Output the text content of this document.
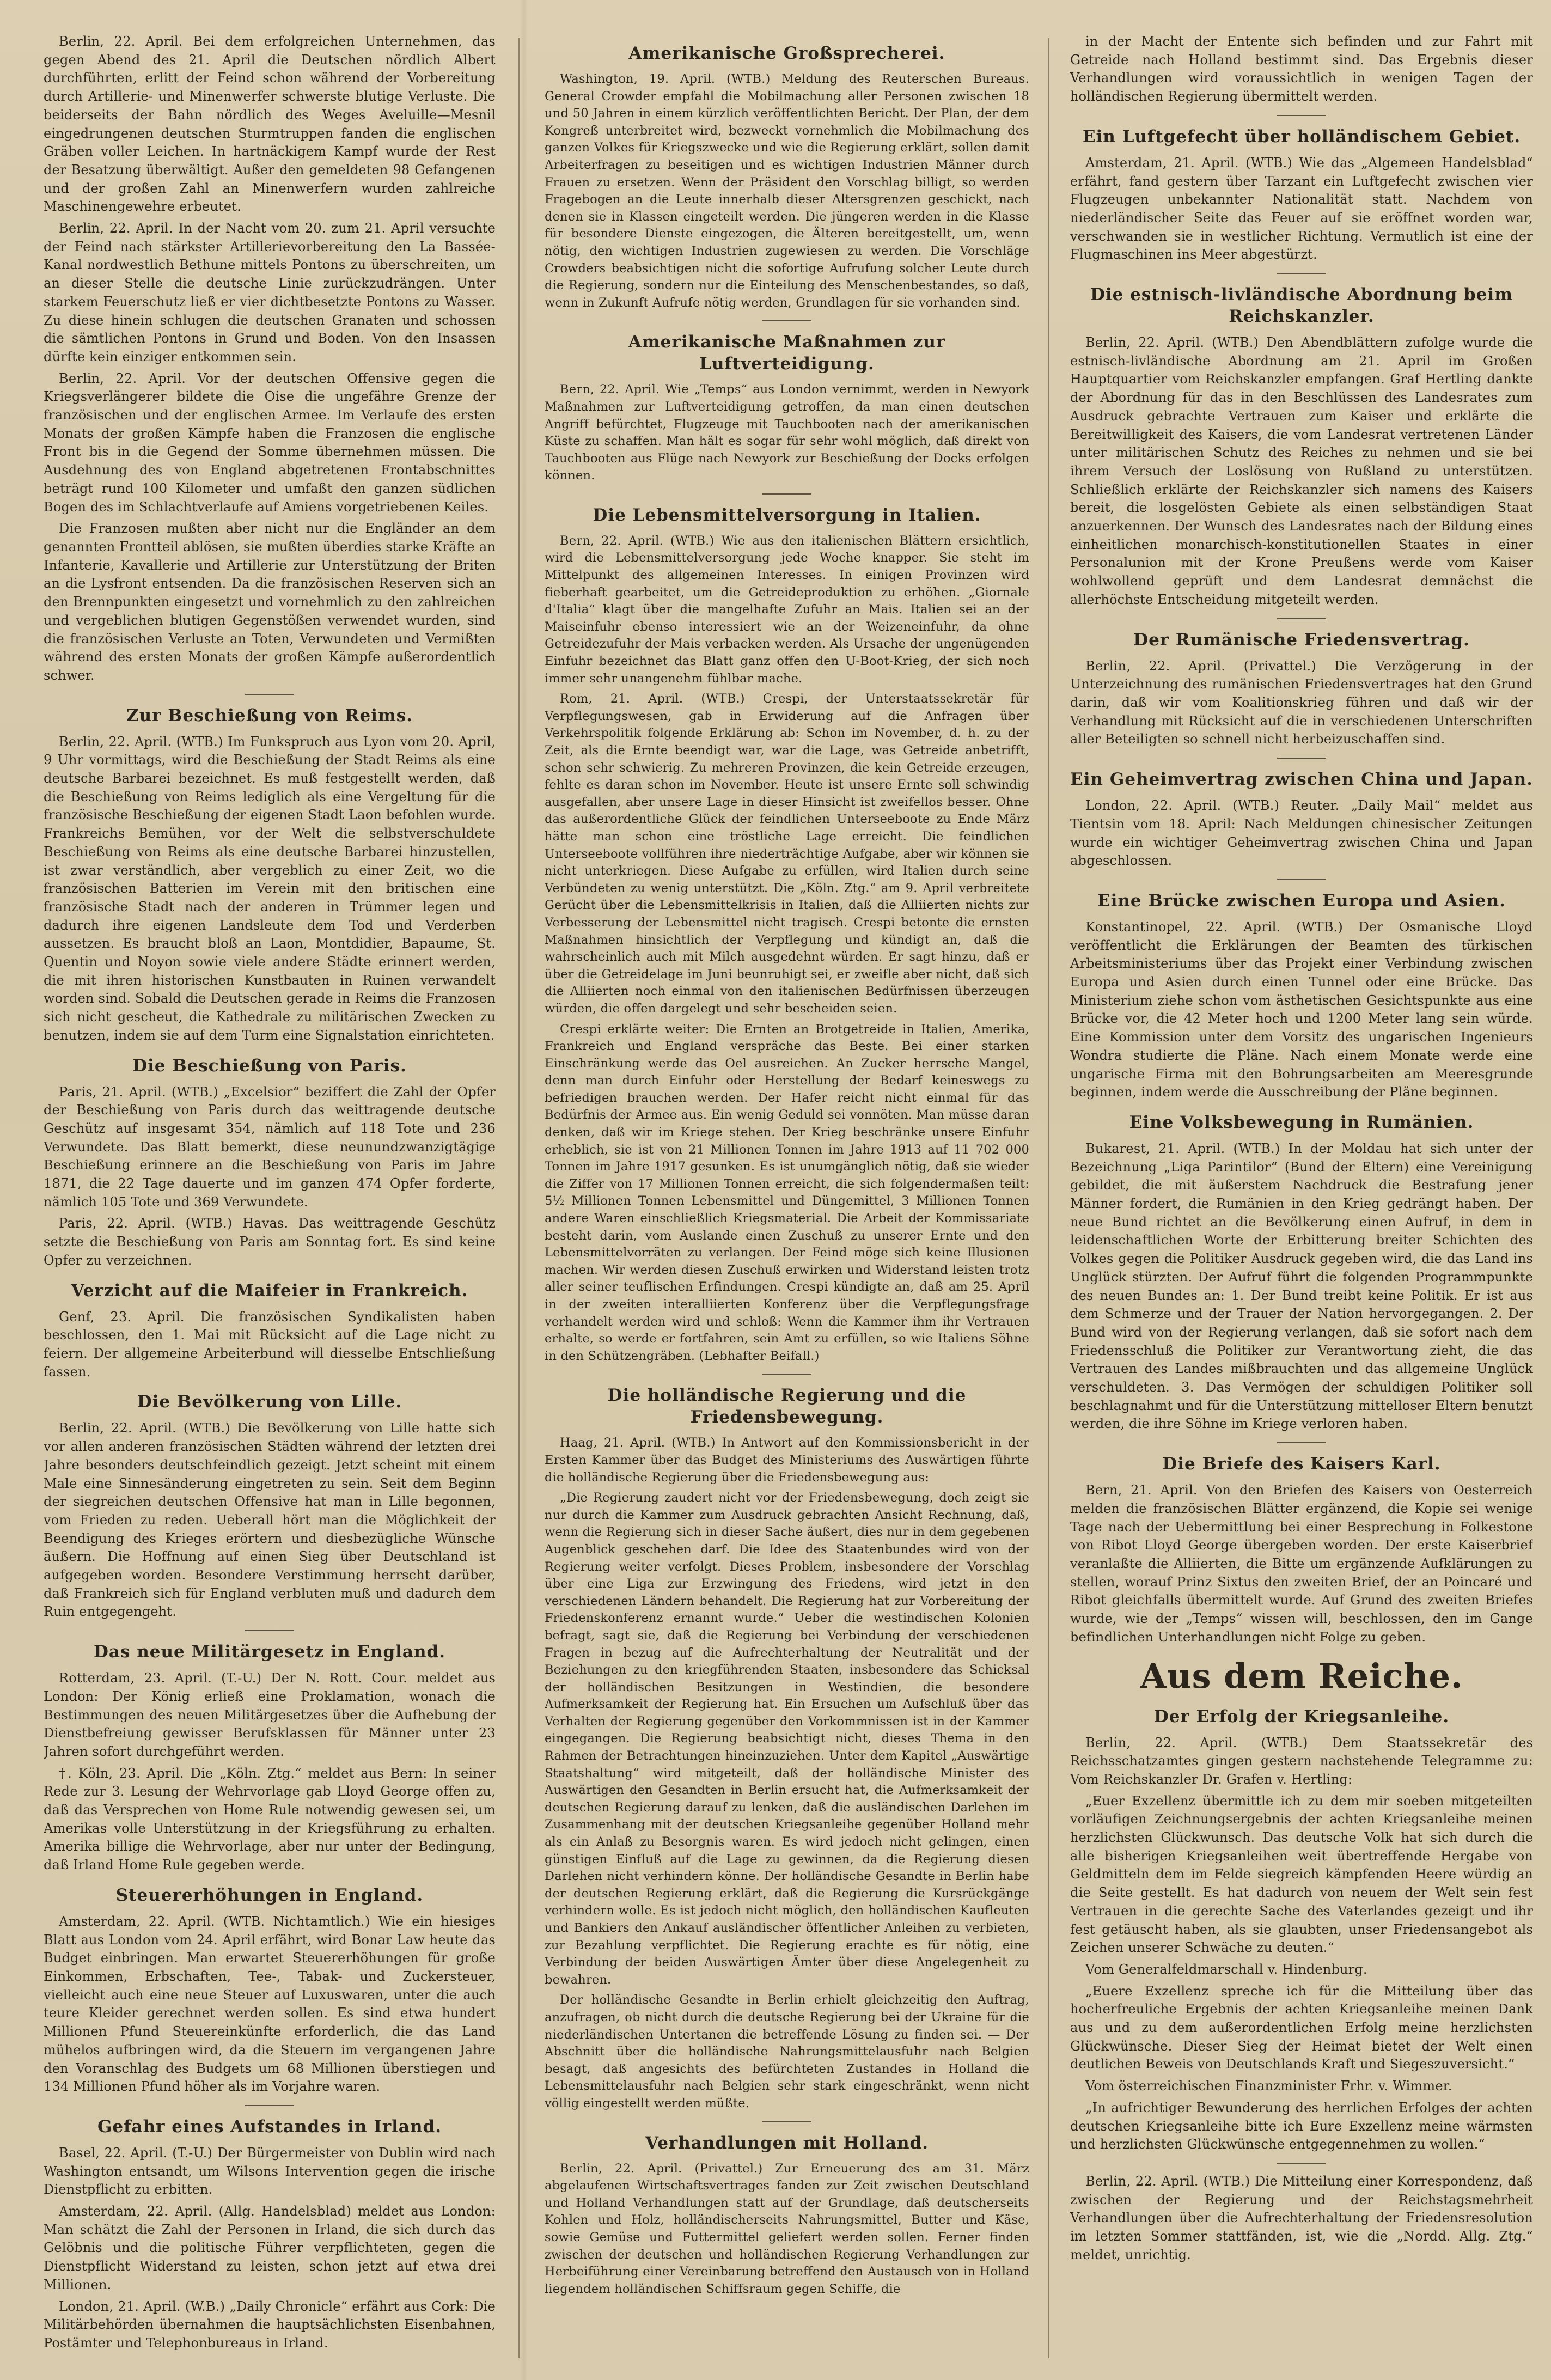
Berlin, 22. April. Bei dem erfolgreichen Unternehmen, das gegen Abend des 21. April die Deutschen nördlich Albert durchführten, erlitt der Feind schon während der Vorbereitung durch Artillerie- und Minenwerfer schwerste blutige Verluste. Die beiderseits der Bahn nördlich des Weges Aveluille—Mesnil eingedrungenen deutschen Sturmtruppen fanden die englischen Gräben voller Leichen. In hartnäckigem Kampf wurde der Rest der Besatzung überwältigt. Außer den gemeldeten 98 Gefangenen und der großen Zahl an Minenwerfern wurden zahlreiche Maschinengewehre erbeutet.

Berlin, 22. April. In der Nacht vom 20. zum 21. April versuchte der Feind nach stärkster Artillerievorbereitung den La Bassée-Kanal nordwestlich Bethune mittels Pontons zu überschreiten, um an dieser Stelle die deutsche Linie zurückzudrängen. Unter starkem Feuerschutz ließ er vier dichtbesetzte Pontons zu Wasser. Zu diese hinein schlugen die deutschen Granaten und schossen die sämtlichen Pontons in Grund und Boden. Von den Insassen dürfte kein einziger entkommen sein.

Berlin, 22. April. Vor der deutschen Offensive gegen die Kriegsverlängerer bildete die Oise die ungefähre Grenze der französischen und der englischen Armee. Im Verlaufe des ersten Monats der großen Kämpfe haben die Franzosen die englische Front bis in die Gegend der Somme übernehmen müssen. Die Ausdehnung des von England abgetretenen Frontabschnittes beträgt rund 100 Kilometer und umfaßt den ganzen südlichen Bogen des im Schlachtverlaufe auf Amiens vorgetriebenen Keiles.

Die Franzosen mußten aber nicht nur die Engländer an dem genannten Frontteil ablösen, sie mußten überdies starke Kräfte an Infanterie, Kavallerie und Artillerie zur Unterstützung der Briten an die Lysfront entsenden. Da die französischen Reserven sich an den Brennpunkten eingesetzt und vornehmlich zu den zahlreichen und vergeblichen blutigen Gegenstößen verwendet wurden, sind die französischen Verluste an Toten, Verwundeten und Vermißten während des ersten Monats der großen Kämpfe außerordentlich schwer.

Zur Beschießung von Reims.

Berlin, 22. April. (WTB.) Im Funkspruch aus Lyon vom 20. April, 9 Uhr vormittags, wird die Beschießung der Stadt Reims als eine deutsche Barbarei bezeichnet. Es muß festgestellt werden, daß die Beschießung von Reims lediglich als eine Vergeltung für die französische Beschießung der eigenen Stadt Laon befohlen wurde. Frankreichs Bemühen, vor der Welt die selbstverschuldete Beschießung von Reims als eine deutsche Barbarei hinzustellen, ist zwar verständlich, aber vergeblich zu einer Zeit, wo die französischen Batterien im Verein mit den britischen eine französische Stadt nach der anderen in Trümmer legen und dadurch ihre eigenen Landsleute dem Tod und Verderben aussetzen. Es braucht bloß an Laon, Montdidier, Bapaume, St. Quentin und Noyon sowie viele andere Städte erinnert werden, die mit ihren historischen Kunstbauten in Ruinen verwandelt worden sind. Sobald die Deutschen gerade in Reims die Franzosen sich nicht gescheut, die Kathedrale zu militärischen Zwecken zu benutzen, indem sie auf dem Turm eine Signalstation einrichteten.

Die Beschießung von Paris.

Paris, 21. April. (WTB.) „Excelsior“ beziffert die Zahl der Opfer der Beschießung von Paris durch das weittragende deutsche Geschütz auf insgesamt 354, nämlich auf 118 Tote und 236 Verwundete. Das Blatt bemerkt, diese neunundzwanzigtägige Beschießung erinnere an die Beschießung von Paris im Jahre 1871, die 22 Tage dauerte und im ganzen 474 Opfer forderte, nämlich 105 Tote und 369 Verwundete.

Paris, 22. April. (WTB.) Havas. Das weittragende Geschütz setzte die Beschießung von Paris am Sonntag fort. Es sind keine Opfer zu verzeichnen.

Verzicht auf die Maifeier in Frankreich.

Genf, 23. April. Die französischen Syndikalisten haben beschlossen, den 1. Mai mit Rücksicht auf die Lage nicht zu feiern. Der allgemeine Arbeiterbund will diesselbe Entschließung fassen.

Die Bevölkerung von Lille.

Berlin, 22. April. (WTB.) Die Bevölkerung von Lille hatte sich vor allen anderen französischen Städten während der letzten drei Jahre besonders deutschfeindlich gezeigt. Jetzt scheint mit einem Male eine Sinnesänderung eingetreten zu sein. Seit dem Beginn der siegreichen deutschen Offensive hat man in Lille begonnen, vom Frieden zu reden. Ueberall hört man die Möglichkeit der Beendigung des Krieges erörtern und diesbezügliche Wünsche äußern. Die Hoffnung auf einen Sieg über Deutschland ist aufgegeben worden. Besondere Verstimmung herrscht darüber, daß Frankreich sich für England verbluten muß und dadurch dem Ruin entgegengeht.

Das neue Militärgesetz in England.

Rotterdam, 23. April. (T.-U.) Der N. Rott. Cour. meldet aus London: Der König erließ eine Proklamation, wonach die Bestimmungen des neuen Militärgesetzes über die Aufhebung der Dienstbefreiung gewisser Berufsklassen für Männer unter 23 Jahren sofort durchgeführt werden.

†. Köln, 23. April. Die „Köln. Ztg.“ meldet aus Bern: In seiner Rede zur 3. Lesung der Wehrvorlage gab Lloyd George offen zu, daß das Versprechen von Home Rule notwendig gewesen sei, um Amerikas volle Unterstützung in der Kriegsführung zu erhalten. Amerika billige die Wehrvorlage, aber nur unter der Bedingung, daß Irland Home Rule gegeben werde.

Steuererhöhungen in England.

Amsterdam, 22. April. (WTB. Nichtamtlich.) Wie ein hiesiges Blatt aus London vom 24. April erfährt, wird Bonar Law heute das Budget einbringen. Man erwartet Steuererhöhungen für große Einkommen, Erbschaften, Tee-, Tabak- und Zuckersteuer, vielleicht auch eine neue Steuer auf Luxuswaren, unter die auch teure Kleider gerechnet werden sollen. Es sind etwa hundert Millionen Pfund Steuereinkünfte erforderlich, die das Land mühelos aufbringen wird, da die Steuern im vergangenen Jahre den Voranschlag des Budgets um 68 Millionen überstiegen und 134 Millionen Pfund höher als im Vorjahre waren.

Gefahr eines Aufstandes in Irland.

Basel, 22. April. (T.-U.) Der Bürgermeister von Dublin wird nach Washington entsandt, um Wilsons Intervention gegen die irische Dienstpflicht zu erbitten.

Amsterdam, 22. April. (Allg. Handelsblad) meldet aus London: Man schätzt die Zahl der Personen in Irland, die sich durch das Gelöbnis und die politische Führer verpflichteten, gegen die Dienstpflicht Widerstand zu leisten, schon jetzt auf etwa drei Millionen.

London, 21. April. (W.B.) „Daily Chronicle“ erfährt aus Cork: Die Militärbehörden übernahmen die hauptsächlichsten Eisenbahnen, Postämter und Telephonbureaus in Irland.

Amerikanische Großsprecherei.

Washington, 19. April. (WTB.) Meldung des Reuterschen Bureaus. General Crowder empfahl die Mobilmachung aller Personen zwischen 18 und 50 Jahren in einem kürzlich veröffentlichten Bericht. Der Plan, der dem Kongreß unterbreitet wird, bezweckt vornehmlich die Mobilmachung des ganzen Volkes für Kriegszwecke und wie die Regierung erklärt, sollen damit Arbeiterfragen zu beseitigen und es wichtigen Industrien Männer durch Frauen zu ersetzen. Wenn der Präsident den Vorschlag billigt, so werden Fragebogen an die Leute innerhalb dieser Altersgrenzen geschickt, nach denen sie in Klassen eingeteilt werden. Die jüngeren werden in die Klasse für besondere Dienste eingezogen, die Älteren bereitgestellt, um, wenn nötig, den wichtigen Industrien zugewiesen zu werden. Die Vorschläge Crowders beabsichtigen nicht die sofortige Aufrufung solcher Leute durch die Regierung, sondern nur die Einteilung des Menschenbestandes, so daß, wenn in Zukunft Aufrufe nötig werden, Grundlagen für sie vorhanden sind.

Amerikanische Maßnahmen zur Luftverteidigung.

Bern, 22. April. Wie „Temps“ aus London vernimmt, werden in Newyork Maßnahmen zur Luftverteidigung getroffen, da man einen deutschen Angriff befürchtet, Flugzeuge mit Tauchbooten nach der amerikanischen Küste zu schaffen. Man hält es sogar für sehr wohl möglich, daß direkt von Tauchbooten aus Flüge nach Newyork zur Beschießung der Docks erfolgen können.

Die Lebensmittelversorgung in Italien.

Bern, 22. April. (WTB.) Wie aus den italienischen Blättern ersichtlich, wird die Lebensmittelversorgung jede Woche knapper. Sie steht im Mittelpunkt des allgemeinen Interesses. In einigen Provinzen wird fieberhaft gearbeitet, um die Getreideproduktion zu erhöhen. „Giornale d'Italia“ klagt über die mangelhafte Zufuhr an Mais. Italien sei an der Maiseinfuhr ebenso interessiert wie an der Weizeneinfuhr, da ohne Getreidezufuhr der Mais verbacken werden. Als Ursache der ungenügenden Einfuhr bezeichnet das Blatt ganz offen den U-Boot-Krieg, der sich noch immer sehr unangenehm fühlbar mache.

Rom, 21. April. (WTB.) Crespi, der Unterstaatssekretär für Verpflegungswesen, gab in Erwiderung auf die Anfragen über Verkehrspolitik folgende Erklärung ab: Schon im November, d. h. zu der Zeit, als die Ernte beendigt war, war die Lage, was Getreide anbetrifft, schon sehr schwierig. Zu mehreren Provinzen, die kein Getreide erzeugen, fehlte es daran schon im November. Heute ist unsere Ernte soll schwindig ausgefallen, aber unsere Lage in dieser Hinsicht ist zweifellos besser. Ohne das außerordentliche Glück der feindlichen Unterseeboote zu Ende März hätte man schon eine tröstliche Lage erreicht. Die feindlichen Unterseeboote vollführen ihre niederträchtige Aufgabe, aber wir können sie nicht unterkriegen. Diese Aufgabe zu erfüllen, wird Italien durch seine Verbündeten zu wenig unterstützt. Die „Köln. Ztg.“ am 9. April verbreitete Gerücht über die Lebensmittelkrisis in Italien, daß die Alliierten nichts zur Verbesserung der Lebensmittel nicht tragisch. Crespi betonte die ernsten Maßnahmen hinsichtlich der Verpflegung und kündigt an, daß die wahrscheinlich auch mit Milch ausgedehnt würden. Er sagt hinzu, daß er über die Getreidelage im Juni beunruhigt sei, er zweifle aber nicht, daß sich die Alliierten noch einmal von den italienischen Bedürfnissen überzeugen würden, die offen dargelegt und sehr bescheiden seien.

Crespi erklärte weiter: Die Ernten an Brotgetreide in Italien, Amerika, Frankreich und England verspräche das Beste. Bei einer starken Einschränkung werde das Oel ausreichen. An Zucker herrsche Mangel, denn man durch Einfuhr oder Herstellung der Bedarf keineswegs zu befriedigen brauchen werden. Der Hafer reicht nicht einmal für das Bedürfnis der Armee aus. Ein wenig Geduld sei vonnöten. Man müsse daran denken, daß wir im Kriege stehen. Der Krieg beschränke unsere Einfuhr erheblich, sie ist von 21 Millionen Tonnen im Jahre 1913 auf 11 702 000 Tonnen im Jahre 1917 gesunken. Es ist unumgänglich nötig, daß sie wieder die Ziffer von 17 Millionen Tonnen erreicht, die sich folgendermaßen teilt: 5½ Millionen Tonnen Lebensmittel und Düngemittel, 3 Millionen Tonnen andere Waren einschließlich Kriegsmaterial. Die Arbeit der Kommissariate besteht darin, vom Auslande einen Zuschuß zu unserer Ernte und den Lebensmittelvorräten zu verlangen. Der Feind möge sich keine Illusionen machen. Wir werden diesen Zuschuß erwirken und Widerstand leisten trotz aller seiner teuflischen Erfindungen. Crespi kündigte an, daß am 25. April in der zweiten interalliierten Konferenz über die Verpflegungsfrage verhandelt werden wird und schloß: Wenn die Kammer ihm ihr Vertrauen erhalte, so werde er fortfahren, sein Amt zu erfüllen, so wie Italiens Söhne in den Schützengräben. (Lebhafter Beifall.)

Die holländische Regierung und die Friedensbewegung.

Haag, 21. April. (WTB.) In Antwort auf den Kommissionsbericht in der Ersten Kammer über das Budget des Ministeriums des Auswärtigen führte die holländische Regierung über die Friedensbewegung aus:

„Die Regierung zaudert nicht vor der Friedensbewegung, doch zeigt sie nur durch die Kammer zum Ausdruck gebrachten Ansicht Rechnung, daß, wenn die Regierung sich in dieser Sache äußert, dies nur in dem gegebenen Augenblick geschehen darf. Die Idee des Staatenbundes wird von der Regierung weiter verfolgt. Dieses Problem, insbesondere der Vorschlag über eine Liga zur Erzwingung des Friedens, wird jetzt in den verschiedenen Ländern behandelt. Die Regierung hat zur Vorbereitung der Friedenskonferenz ernannt wurde.“ Ueber die westindischen Kolonien befragt, sagt sie, daß die Regierung bei Verbindung der verschiedenen Fragen in bezug auf die Aufrechterhaltung der Neutralität und der Beziehungen zu den kriegführenden Staaten, insbesondere das Schicksal der holländischen Besitzungen in Westindien, die besondere Aufmerksamkeit der Regierung hat. Ein Ersuchen um Aufschluß über das Verhalten der Regierung gegenüber den Vorkommnissen ist in der Kammer eingegangen. Die Regierung beabsichtigt nicht, dieses Thema in den Rahmen der Betrachtungen hineinzuziehen. Unter dem Kapitel „Auswärtige Staatshaltung“ wird mitgeteilt, daß der holländische Minister des Auswärtigen den Gesandten in Berlin ersucht hat, die Aufmerksamkeit der deutschen Regierung darauf zu lenken, daß die ausländischen Darlehen im Zusammenhang mit der deutschen Kriegsanleihe gegenüber Holland mehr als ein Anlaß zu Besorgnis waren. Es wird jedoch nicht gelingen, einen günstigen Einfluß auf die Lage zu gewinnen, da die Regierung diesen Darlehen nicht verhindern könne. Der holländische Gesandte in Berlin habe der deutschen Regierung erklärt, daß die Regierung die Kursrückgänge verhindern wolle. Es ist jedoch nicht möglich, den holländischen Kaufleuten und Bankiers den Ankauf ausländischer öffentlicher Anleihen zu verbieten, zur Bezahlung verpflichtet. Die Regierung erachte es für nötig, eine Verbindung der beiden Auswärtigen Ämter über diese Angelegenheit zu bewahren.

Der holländische Gesandte in Berlin erhielt gleichzeitig den Auftrag, anzufragen, ob nicht durch die deutsche Regierung bei der Ukraine für die niederländischen Untertanen die betreffende Lösung zu finden sei. — Der Abschnitt über die holländische Nahrungsmittelausfuhr nach Belgien besagt, daß angesichts des befürchteten Zustandes in Holland die Lebensmittelausfuhr nach Belgien sehr stark eingeschränkt, wenn nicht völlig eingestellt werden müßte.

Verhandlungen mit Holland.

Berlin, 22. April. (Privattel.) Zur Erneuerung des am 31. März abgelaufenen Wirtschaftsvertrages fanden zur Zeit zwischen Deutschland und Holland Verhandlungen statt auf der Grundlage, daß deutscherseits Kohlen und Holz, holländischerseits Nahrungsmittel, Butter und Käse, sowie Gemüse und Futtermittel geliefert werden sollen. Ferner finden zwischen der deutschen und holländischen Regierung Verhandlungen zur Herbeiführung einer Vereinbarung betreffend den Austausch von in Holland liegendem holländischen Schiffsraum gegen Schiffe, die

in der Macht der Entente sich befinden und zur Fahrt mit Getreide nach Holland bestimmt sind. Das Ergebnis dieser Verhandlungen wird voraussichtlich in wenigen Tagen der holländischen Regierung übermittelt werden.

Ein Luftgefecht über holländischem Gebiet.

Amsterdam, 21. April. (WTB.) Wie das „Algemeen Handelsblad“ erfährt, fand gestern über Tarzant ein Luftgefecht zwischen vier Flugzeugen unbekannter Nationalität statt. Nachdem von niederländischer Seite das Feuer auf sie eröffnet worden war, verschwanden sie in westlicher Richtung. Vermutlich ist eine der Flugmaschinen ins Meer abgestürzt.

Die estnisch-livländische Abordnung beim Reichskanzler.

Berlin, 22. April. (WTB.) Den Abendblättern zufolge wurde die estnisch-livländische Abordnung am 21. April im Großen Hauptquartier vom Reichskanzler empfangen. Graf Hertling dankte der Abordnung für das in den Beschlüssen des Landesrates zum Ausdruck gebrachte Vertrauen zum Kaiser und erklärte die Bereitwilligkeit des Kaisers, die vom Landesrat vertretenen Länder unter militärischen Schutz des Reiches zu nehmen und sie bei ihrem Versuch der Loslösung von Rußland zu unterstützen. Schließlich erklärte der Reichskanzler sich namens des Kaisers bereit, die losgelösten Gebiete als einen selbständigen Staat anzuerkennen. Der Wunsch des Landesrates nach der Bildung eines einheitlichen monarchisch-konstitutionellen Staates in einer Personalunion mit der Krone Preußens werde vom Kaiser wohlwollend geprüft und dem Landesrat demnächst die allerhöchste Entscheidung mitgeteilt werden.

Der Rumänische Friedensvertrag.

Berlin, 22. April. (Privattel.) Die Verzögerung in der Unterzeichnung des rumänischen Friedensvertrages hat den Grund darin, daß wir vom Koalitionskrieg führen und daß wir der Verhandlung mit Rücksicht auf die in verschiedenen Unterschriften aller Beteiligten so schnell nicht herbeizuschaffen sind.

Ein Geheimvertrag zwischen China und Japan.

London, 22. April. (WTB.) Reuter. „Daily Mail“ meldet aus Tientsin vom 18. April: Nach Meldungen chinesischer Zeitungen wurde ein wichtiger Geheimvertrag zwischen China und Japan abgeschlossen.

Eine Brücke zwischen Europa und Asien.

Konstantinopel, 22. April. (WTB.) Der Osmanische Lloyd veröffentlicht die Erklärungen der Beamten des türkischen Arbeitsministeriums über das Projekt einer Verbindung zwischen Europa und Asien durch einen Tunnel oder eine Brücke. Das Ministerium ziehe schon vom ästhetischen Gesichtspunkte aus eine Brücke vor, die 42 Meter hoch und 1200 Meter lang sein würde. Eine Kommission unter dem Vorsitz des ungarischen Ingenieurs Wondra studierte die Pläne. Nach einem Monate werde eine ungarische Firma mit den Bohrungsarbeiten am Meeresgrunde beginnen, indem werde die Ausschreibung der Pläne beginnen.

Eine Volksbewegung in Rumänien.

Bukarest, 21. April. (WTB.) In der Moldau hat sich unter der Bezeichnung „Liga Parintilor“ (Bund der Eltern) eine Vereinigung gebildet, die mit äußerstem Nachdruck die Bestrafung jener Männer fordert, die Rumänien in den Krieg gedrängt haben. Der neue Bund richtet an die Bevölkerung einen Aufruf, in dem in leidenschaftlichen Worte der Erbitterung breiter Schichten des Volkes gegen die Politiker Ausdruck gegeben wird, die das Land ins Unglück stürzten. Der Aufruf führt die folgenden Programmpunkte des neuen Bundes an: 1. Der Bund treibt keine Politik. Er ist aus dem Schmerze und der Trauer der Nation hervorgegangen. 2. Der Bund wird von der Regierung verlangen, daß sie sofort nach dem Friedensschluß die Politiker zur Verantwortung zieht, die das Vertrauen des Landes mißbrauchten und das allgemeine Unglück verschuldeten. 3. Das Vermögen der schuldigen Politiker soll beschlagnahmt und für die Unterstützung mittelloser Eltern benutzt werden, die ihre Söhne im Kriege verloren haben.

Die Briefe des Kaisers Karl.

Bern, 21. April. Von den Briefen des Kaisers von Oesterreich melden die französischen Blätter ergänzend, die Kopie sei wenige Tage nach der Uebermittlung bei einer Besprechung in Folkestone von Ribot Lloyd George übergeben worden. Der erste Kaiserbrief veranlaßte die Alliierten, die Bitte um ergänzende Aufklärungen zu stellen, worauf Prinz Sixtus den zweiten Brief, der an Poincaré und Ribot gleichfalls übermittelt wurde. Auf Grund des zweiten Briefes wurde, wie der „Temps“ wissen will, beschlossen, den im Gange befindlichen Unterhandlungen nicht Folge zu geben.

Aus dem Reiche.
Der Erfolg der Kriegsanleihe.

Berlin, 22. April. (WTB.) Dem Staatssekretär des Reichsschatzamtes gingen gestern nachstehende Telegramme zu: Vom Reichskanzler Dr. Grafen v. Hertling:

„Euer Exzellenz übermittle ich zu dem mir soeben mitgeteilten vorläufigen Zeichnungsergebnis der achten Kriegsanleihe meinen herzlichsten Glückwunsch. Das deutsche Volk hat sich durch die alle bisherigen Kriegsanleihen weit übertreffende Hergabe von Geldmitteln dem im Felde siegreich kämpfenden Heere würdig an die Seite gestellt. Es hat dadurch von neuem der Welt sein fest Vertrauen in die gerechte Sache des Vaterlandes gezeigt und ihr fest getäuscht haben, als sie glaubten, unser Friedensangebot als Zeichen unserer Schwäche zu deuten.“

Vom Generalfeldmarschall v. Hindenburg.

„Euere Exzellenz spreche ich für die Mitteilung über das hocherfreuliche Ergebnis der achten Kriegsanleihe meinen Dank aus und zu dem außerordentlichen Erfolg meine herzlichsten Glückwünsche. Dieser Sieg der Heimat bietet der Welt einen deutlichen Beweis von Deutschlands Kraft und Siegeszuversicht.“

Vom österreichischen Finanzminister Frhr. v. Wimmer.

„In aufrichtiger Bewunderung des herrlichen Erfolges der achten deutschen Kriegsanleihe bitte ich Eure Exzellenz meine wärmsten und herzlichsten Glückwünsche entgegennehmen zu wollen.“

Berlin, 22. April. (WTB.) Die Mitteilung einer Korrespondenz, daß zwischen der Regierung und der Reichstagsmehrheit Verhandlungen über die Aufrechterhaltung der Friedensresolution im letzten Sommer stattfänden, ist, wie die „Nordd. Allg. Ztg.“ meldet, unrichtig.
